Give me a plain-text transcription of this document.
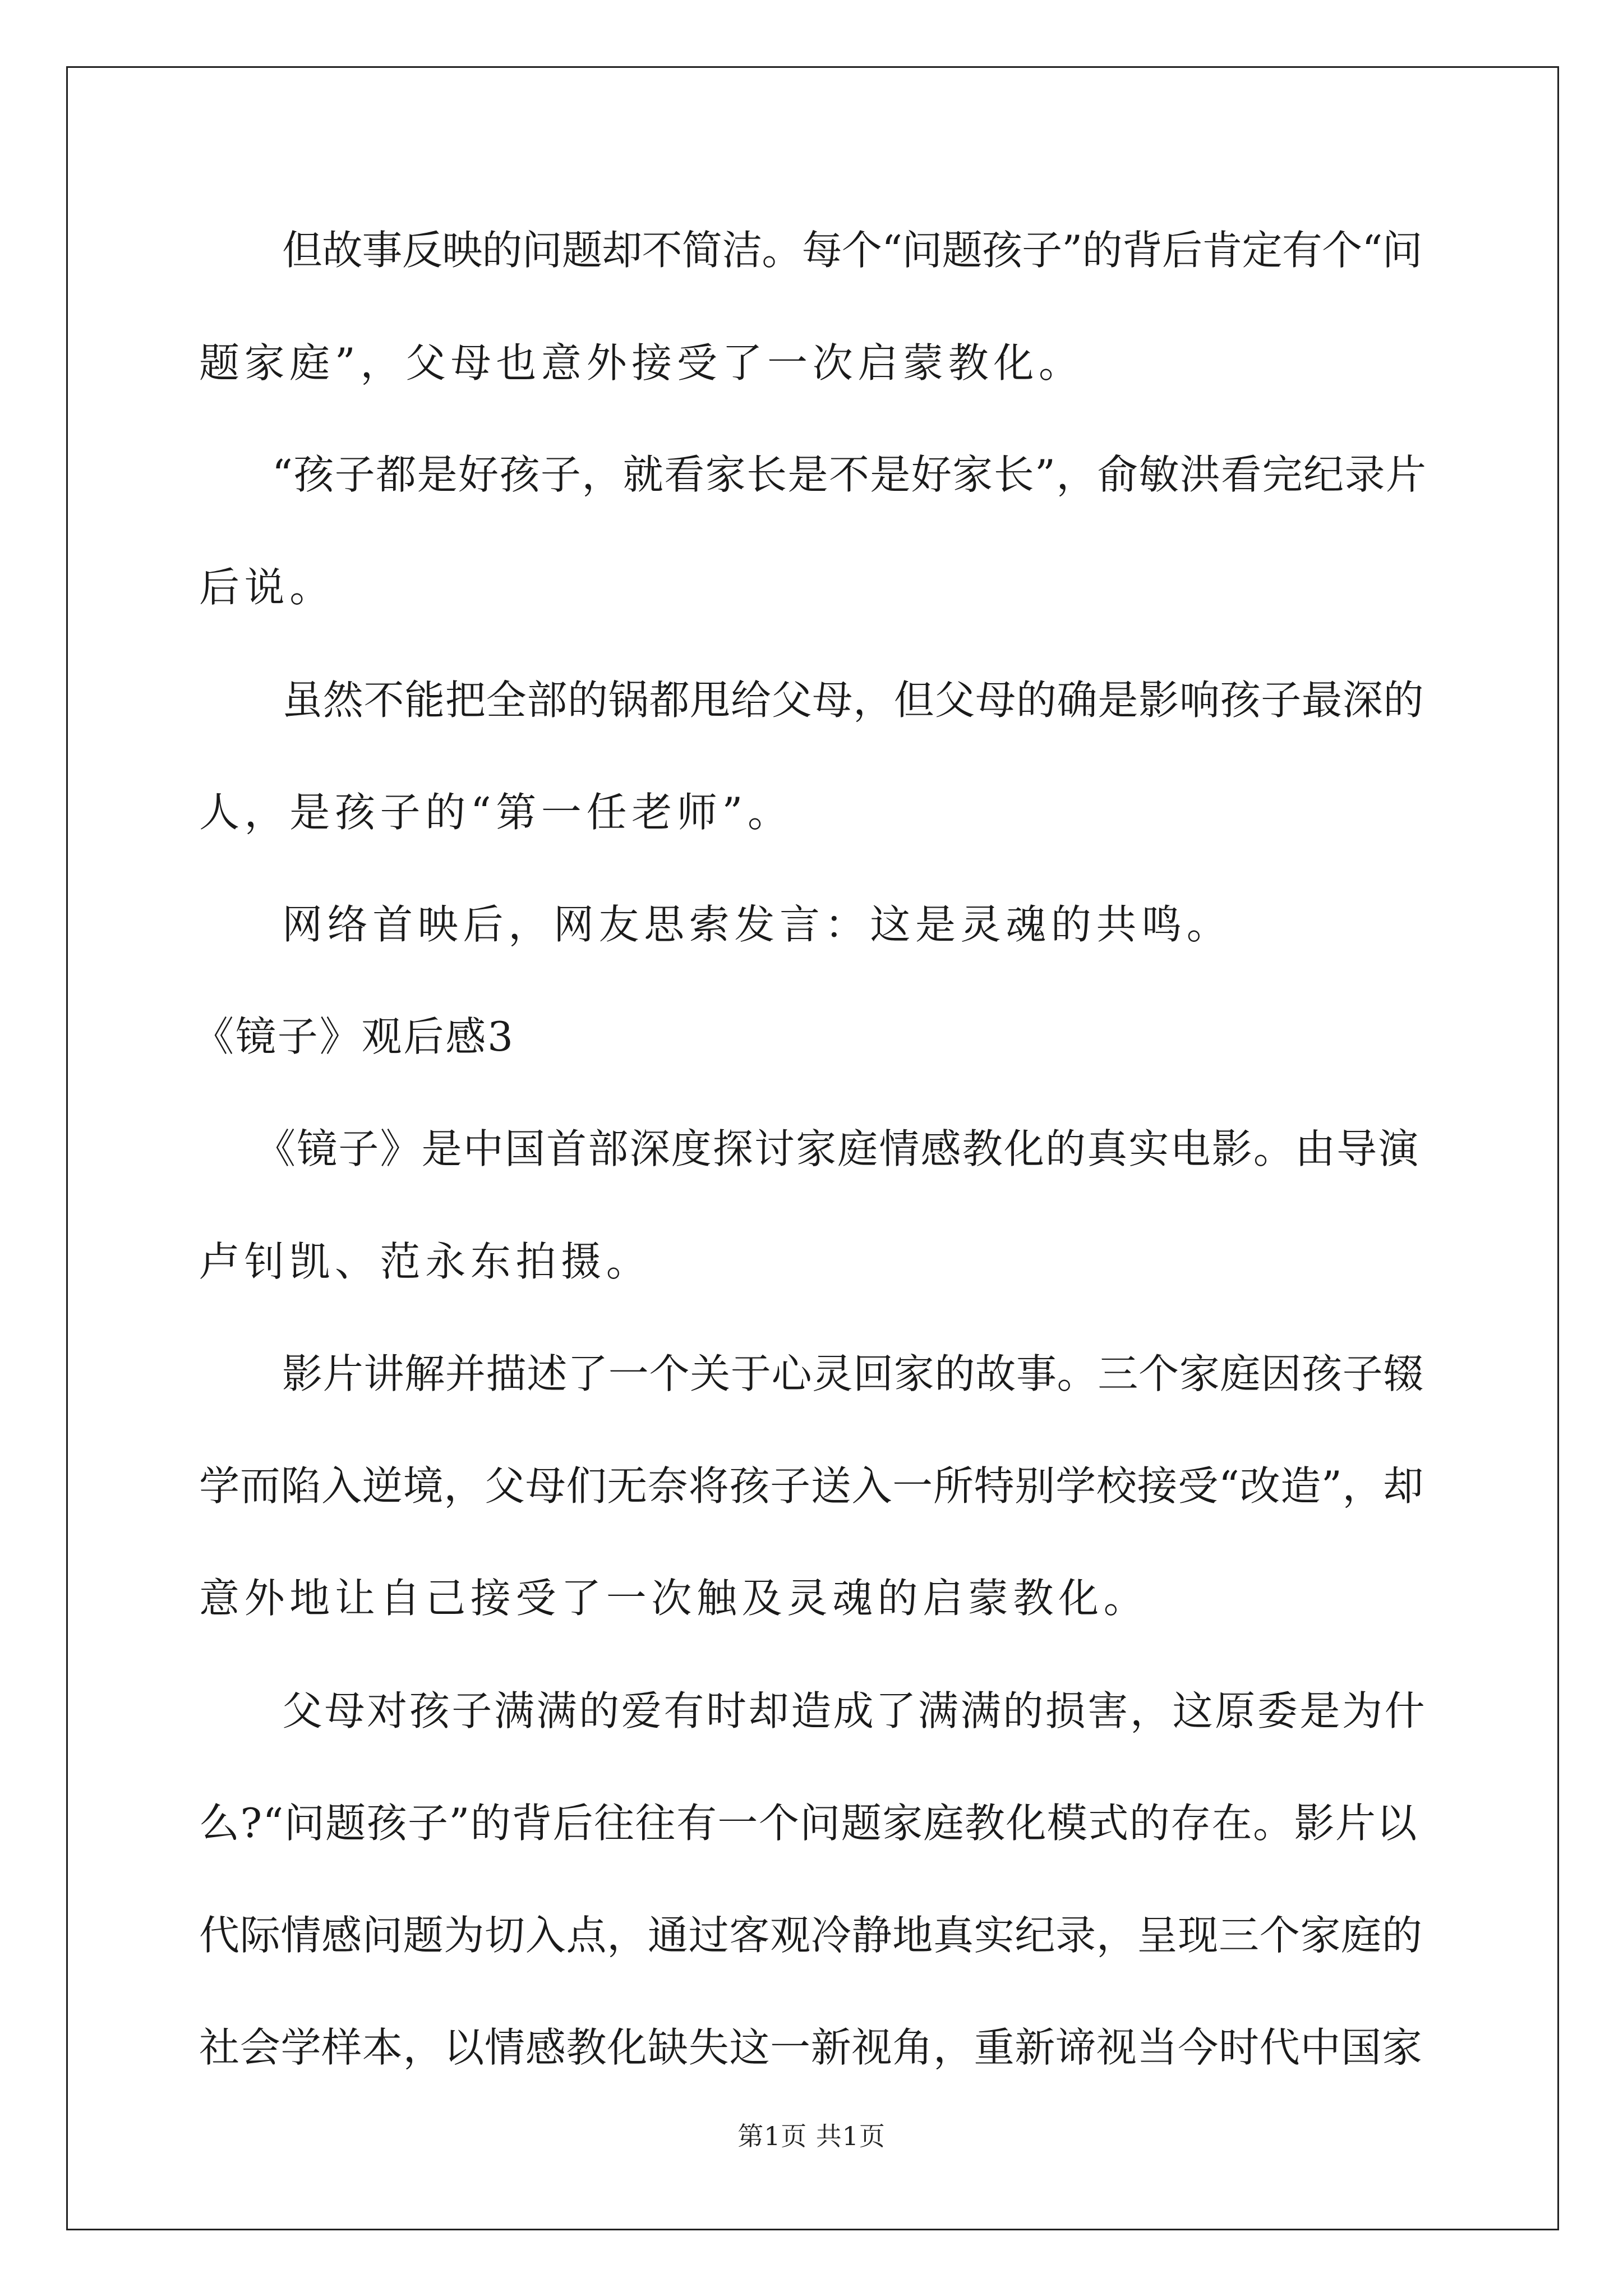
但故事反映的问题却不简洁。每个“问题孩子”的背后肯定有个“问
题家庭”，父母也意外接受了一次启蒙教化。
“孩子都是好孩子，就看家长是不是好家长”，俞敏洪看完纪录片
后说。
虽然不能把全部的锅都甩给父母，但父母的确是影响孩子最深的
人，是孩子的“第一任老师”。
网络首映后，网友思索发言：这是灵魂的共鸣。
《镜子》观后感3
《镜子》是中国首部深度探讨家庭情感教化的真实电影。由导演
卢钊凯、范永东拍摄。
影片讲解并描述了一个关于心灵回家的故事。三个家庭因孩子辍
学而陷入逆境，父母们无奈将孩子送入一所特别学校接受“改造”，却
意外地让自己接受了一次触及灵魂的启蒙教化。
父母对孩子满满的爱有时却造成了满满的损害，这原委是为什
么?“问题孩子”的背后往往有一个问题家庭教化模式的存在。影片以
代际情感问题为切入点，通过客观冷静地真实纪录，呈现三个家庭的
社会学样本，以情感教化缺失这一新视角，重新谛视当今时代中国家
第1页 共1页
